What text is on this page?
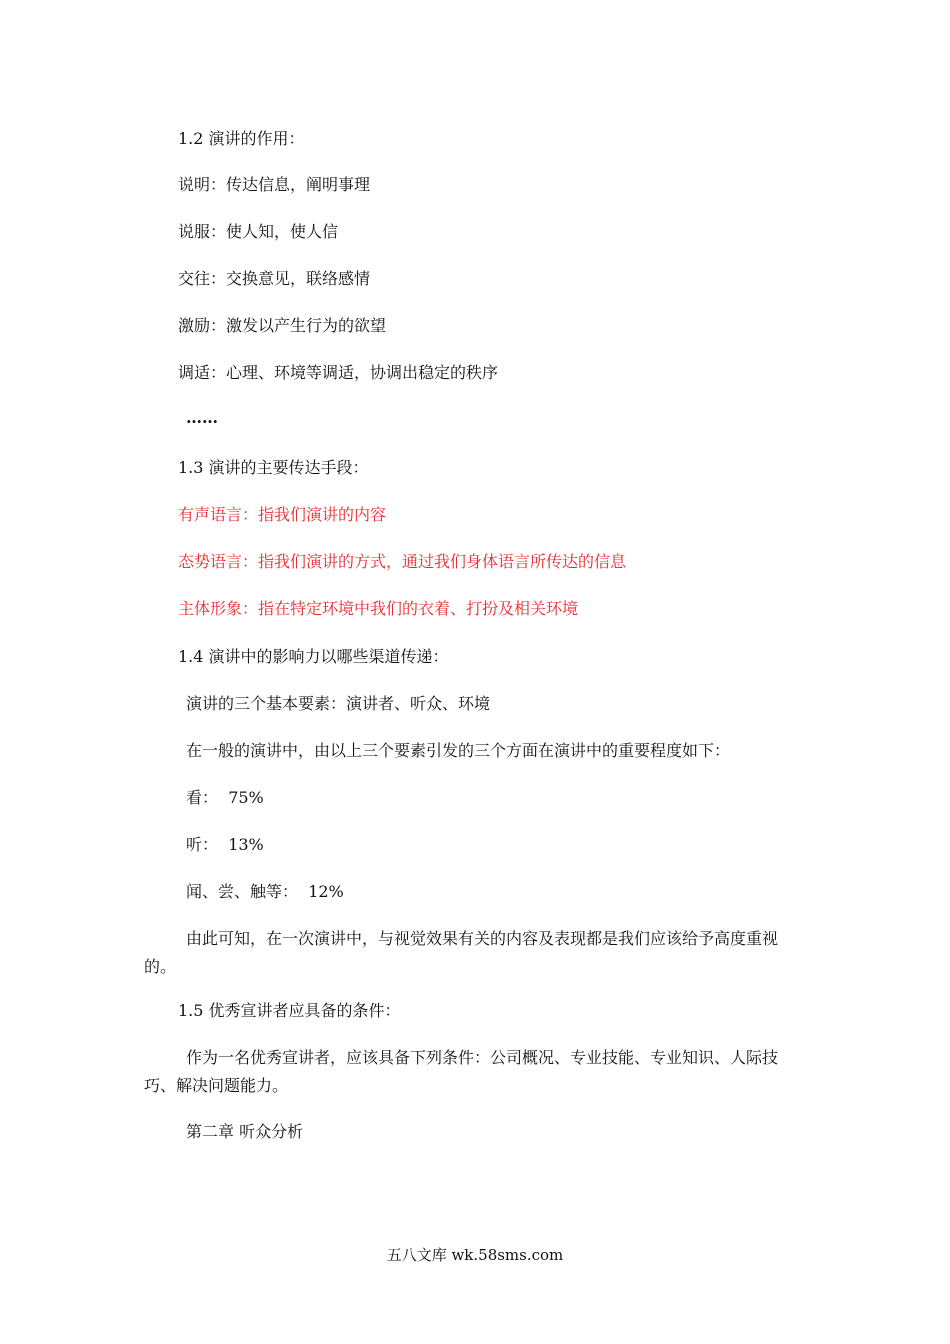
1.2 演讲的作用：
说明：传达信息，阐明事理
说服：使人知，使人信
交往：交换意见，联络感情
激励：激发以产生行为的欲望
调适：心理、环境等调适，协调出稳定的秩序
……
1.3 演讲的主要传达手段：
有声语言：指我们演讲的内容
态势语言：指我们演讲的方式，通过我们身体语言所传达的信息
主体形象：指在特定环境中我们的衣着、打扮及相关环境
1.4 演讲中的影响力以哪些渠道传递：
演讲的三个基本要素：演讲者、听众、环境
在一般的演讲中，由以上三个要素引发的三个方面在演讲中的重要程度如下：
看： 75%
听： 13%
闻、尝、触等： 12%
由此可知，在一次演讲中，与视觉效果有关的内容及表现都是我们应该给予高度重视的。
1.5 优秀宣讲者应具备的条件：
作为一名优秀宣讲者，应该具备下列条件：公司概况、专业技能、专业知识、人际技巧、解决问题能力。
第二章 听众分析
五八文库 wk.58sms.com
